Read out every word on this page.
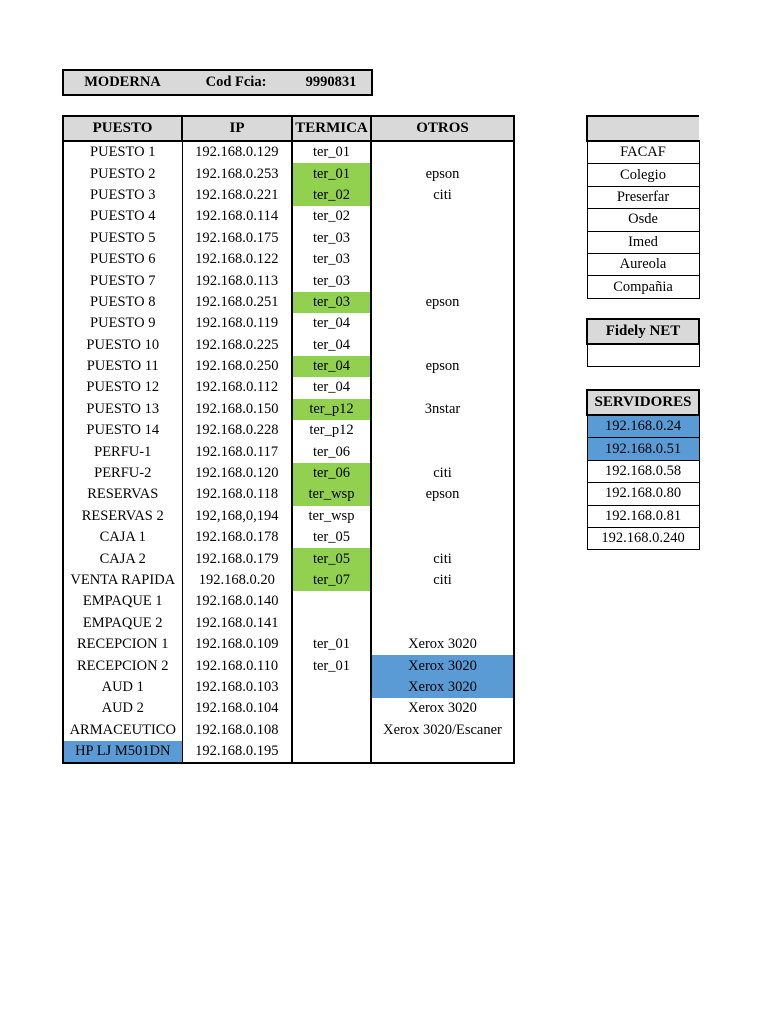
MODERNA	Cod Fcia:	9990831
PUESTO	IP	TERMICA	OTROS
PUESTO 1	192.168.0.129	ter_01	
PUESTO 2	192.168.0.253	ter_01	epson
PUESTO 3	192.168.0.221	ter_02	citi
PUESTO 4	192.168.0.114	ter_02	
PUESTO 5	192.168.0.175	ter_03	
PUESTO 6	192.168.0.122	ter_03	
PUESTO 7	192.168.0.113	ter_03	
PUESTO 8	192.168.0.251	ter_03	epson
PUESTO 9	192.168.0.119	ter_04	
PUESTO 10	192.168.0.225	ter_04	
PUESTO 11	192.168.0.250	ter_04	epson
PUESTO 12	192.168.0.112	ter_04	
PUESTO 13	192.168.0.150	ter_p12	3nstar
PUESTO 14	192.168.0.228	ter_p12	
PERFU-1	192.168.0.117	ter_06	
PERFU-2	192.168.0.120	ter_06	citi
RESERVAS	192.168.0.118	ter_wsp	epson
RESERVAS 2	192,168,0,194	ter_wsp	
CAJA 1	192.168.0.178	ter_05	
CAJA 2	192.168.0.179	ter_05	citi
VENTA RAPIDA	192.168.0.20	ter_07	citi
EMPAQUE 1	192.168.0.140		
EMPAQUE 2	192.168.0.141		
RECEPCION 1	192.168.0.109	ter_01	Xerox 3020
RECEPCION 2	192.168.0.110	ter_01	Xerox 3020
AUD 1	192.168.0.103		Xerox 3020
AUD 2	192.168.0.104		Xerox 3020
ARMACEUTICO	192.168.0.108		Xerox 3020/Escaner
HP LJ M501DN	192.168.0.195		

FACAF
Colegio
Preserfar
Osde
Imed
Aureola
Compañia
Fidely NET

SERVIDORES
192.168.0.24
192.168.0.51
192.168.0.58
192.168.0.80
192.168.0.81
192.168.0.240
